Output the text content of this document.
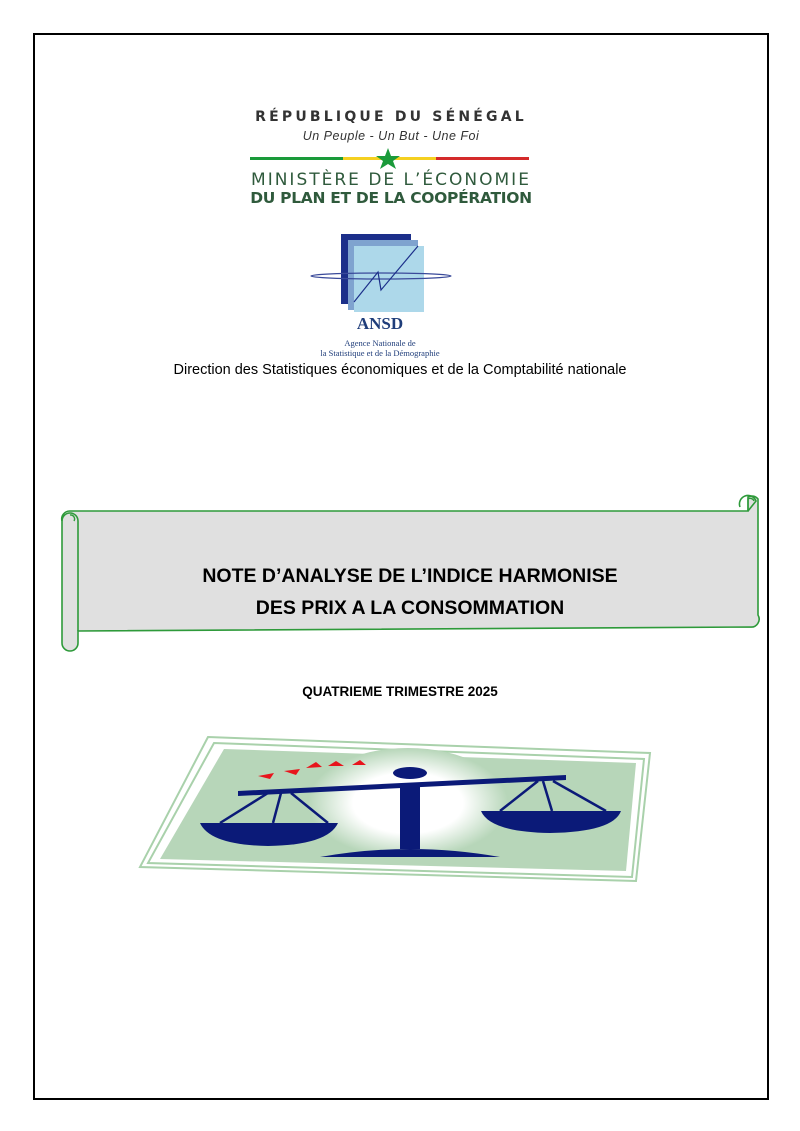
RÉPUBLIQUE DU SÉNÉGAL
Un Peuple - Un But - Une Foi
MINISTÈRE DE L’ÉCONOMIE
DU PLAN ET DE LA COOPÉRATION
ANSD
Agence Nationale de
la Statistique et de la Démographie
Direction des Statistiques économiques et de la Comptabilité nationale
NOTE D’ANALYSE DE L’INDICE HARMONISE
DES PRIX A LA CONSOMMATION
QUATRIEME TRIMESTRE 2025
